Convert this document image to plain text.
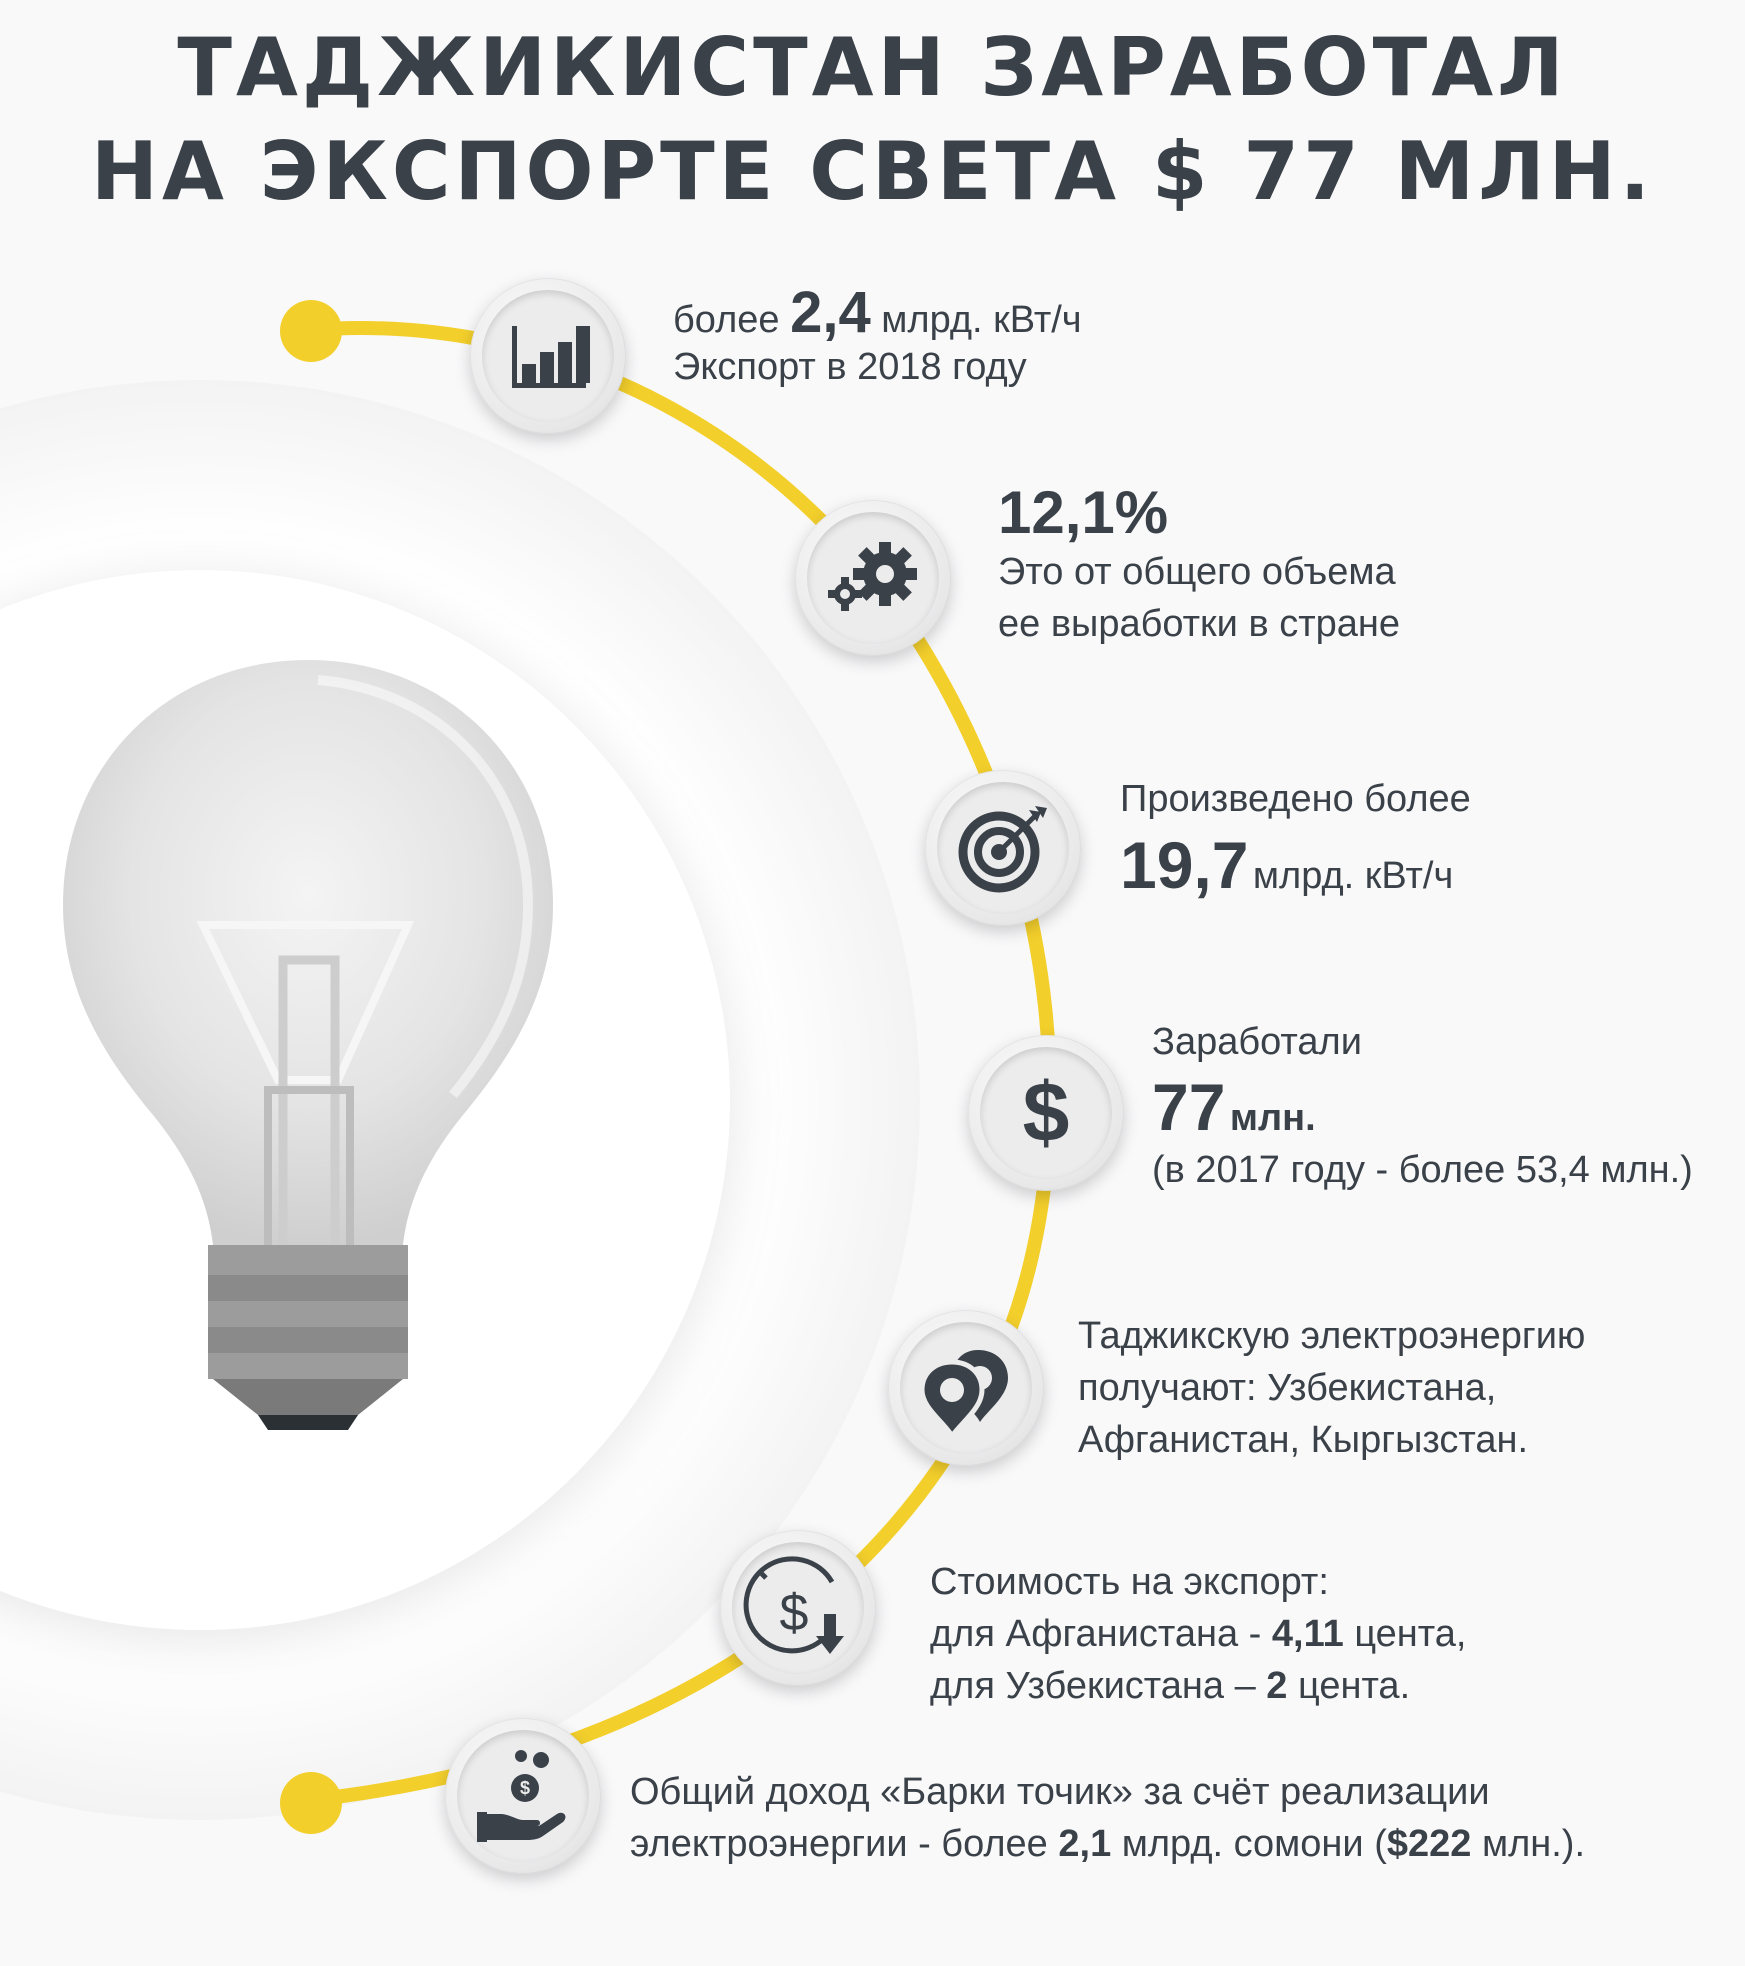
ТАДЖИКИСТАН ЗАРАБОТАЛ
НА ЭКСПОРТЕ СВЕТА $ 77 МЛН.
более 2,4 млрд. кВт/ч
Экспорт в 2018 году
12,1%
Это от общего объема
ее выработки в стране
Произведено более
19,7 млрд. кВт/ч
$
Заработали
77 млн.
(в 2017 году - более 53,4 млн.)
Таджикскую электроэнергию
получают: Узбекистана,
Афганистан, Кыргызстан.
$
Стоимость на экспорт:
для Афганистана - 4,11 цента,
для Узбекистана – 2 цента.
$	Общий доход «Барки точик» за счёт реализации
электроэнергии - более 2,1 млрд. сомони ($222 млн.).
